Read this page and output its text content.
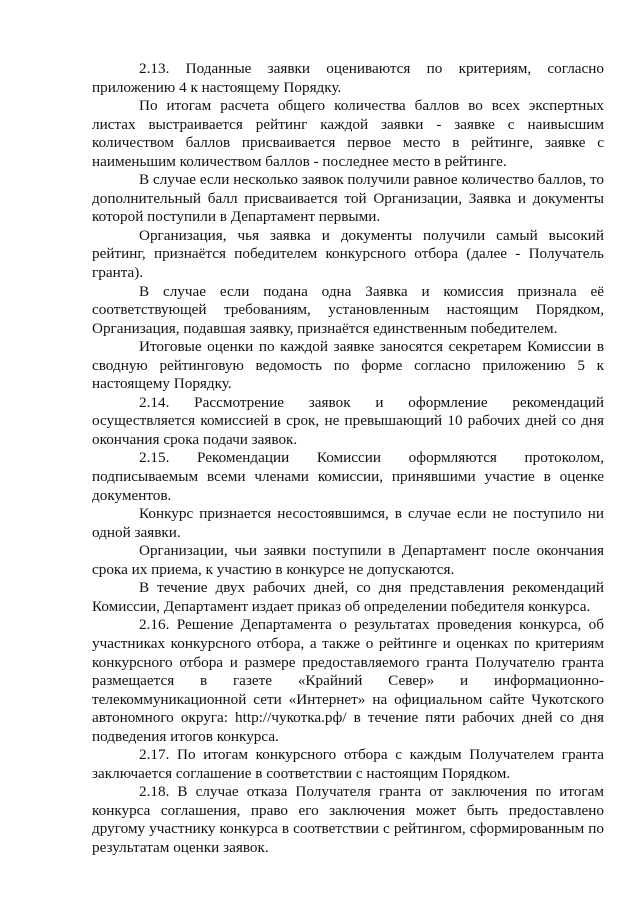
2.13. Поданные заявки оцениваются по критериям, согласно приложению 4 к настоящему Порядку.

По итогам расчета общего количества баллов во всех экспертных листах выстраивается рейтинг каждой заявки - заявке с наивысшим количеством баллов присваивается первое место в рейтинге, заявке с наименьшим количеством баллов - последнее место в рейтинге.

В случае если несколько заявок получили равное количество баллов, то дополнительный балл присваивается той Организации, Заявка и документы которой поступили в Департамент первыми.

Организация, чья заявка и документы получили самый высокий рейтинг, признаётся победителем конкурсного отбора (далее - Получатель гранта).

В случае если подана одна Заявка и комиссия признала её соответствующей требованиям, установленным настоящим Порядком, Организация, подавшая заявку, признаётся единственным победителем.

Итоговые оценки по каждой заявке заносятся секретарем Комиссии в сводную рейтинговую ведомость по форме согласно приложению 5 к настоящему Порядку.

2.14. Рассмотрение заявок и оформление рекомендаций осуществляется комиссией в срок, не превышающий 10 рабочих дней со дня окончания срока подачи заявок.

2.15. Рекомендации Комиссии оформляются протоколом, подписываемым всеми членами комиссии, принявшими участие в оценке документов.

Конкурс признается несостоявшимся, в случае если не поступило ни одной заявки.

Организации, чьи заявки поступили в Департамент после окончания срока их приема, к участию в конкурсе не допускаются.

В течение двух рабочих дней, со дня представления рекомендаций Комиссии, Департамент издает приказ об определении победителя конкурса.

2.16. Решение Департамента о результатах проведения конкурса, об участниках конкурсного отбора, а также о рейтинге и оценках по критериям конкурсного отбора и размере предоставляемого гранта Получателю гранта размещается в газете «Крайний Север» и информационно-телекоммуникационной сети «Интернет» на официальном сайте Чукотского автономного округа: http://чукотка.рф/ в течение пяти рабочих дней со дня подведения итогов конкурса.

2.17. По итогам конкурсного отбора с каждым Получателем гранта заключается соглашение в соответствии с настоящим Порядком.

2.18. В случае отказа Получателя гранта от заключения по итогам конкурса соглашения, право его заключения может быть предоставлено другому участнику конкурса в соответствии с рейтингом, сформированным по результатам оценки заявок.
